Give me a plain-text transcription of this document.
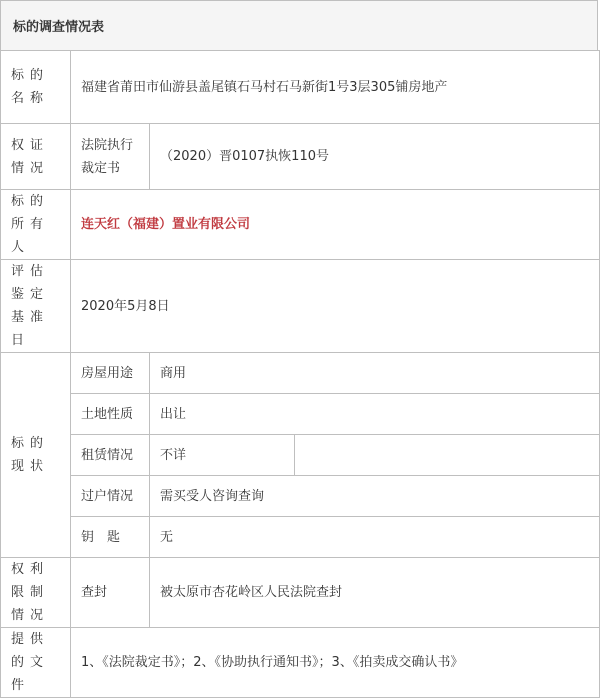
标的调查情况表
标的名称	福建省莆田市仙游县盖尾镇石马村石马新街1号3层305铺房地产		
权证情况	法院执行裁定书	（2020）晋0107执恢110号	
标的所有人	连天红（福建）置业有限公司		
评估鉴定基准日	2020年5月8日		
标的现状	房屋用途	商用	
	土地性质	出让	
	租赁情况	不详	
	过户情况	需买受人咨询查询	
	钥　匙	无	
权利限制情况	查封	被太原市杏花岭区人民法院查封	
提供的文件	1、《法院裁定书》；2、《协助执行通知书》；3、《拍卖成交确认书》		
